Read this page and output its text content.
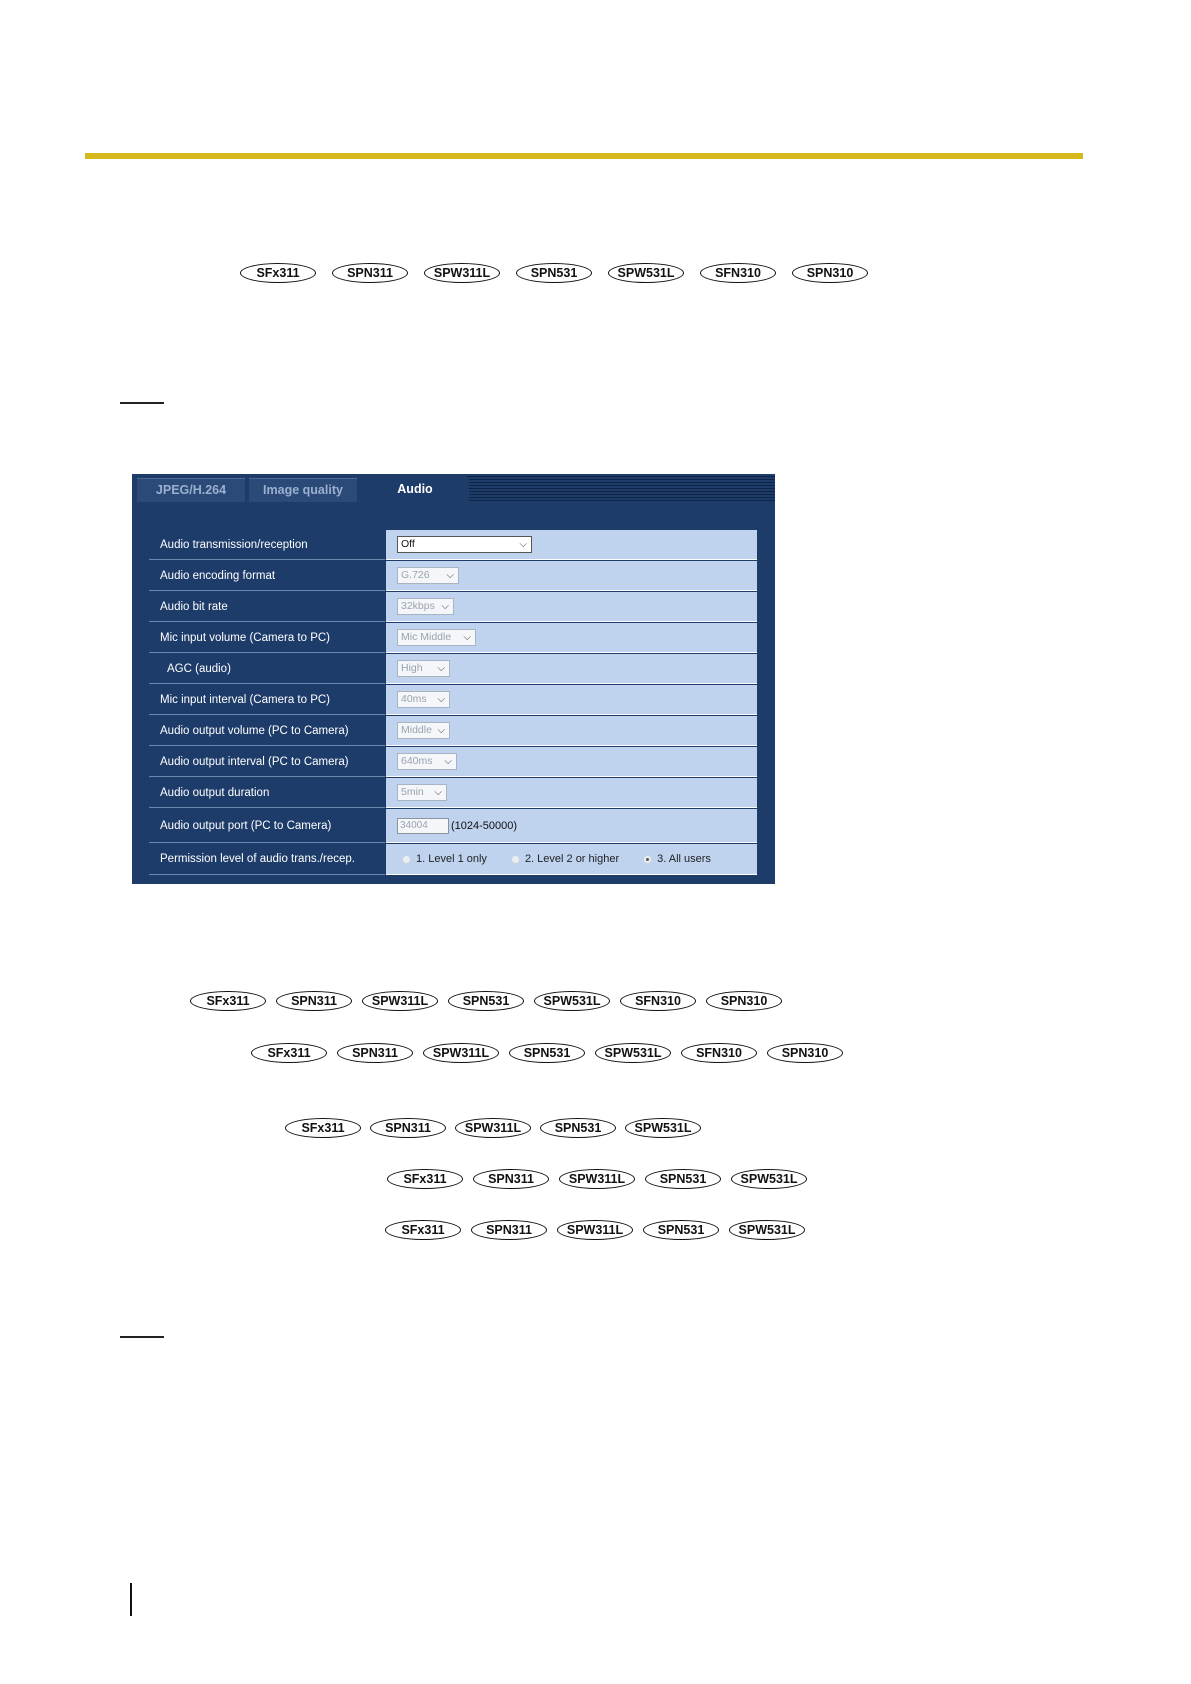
SFx311	SPN311	SPW311L	SPN531	SPW531L	SFN310	SPN310
JPEG/H.264	Image quality	Audio
Audio transmission/reception	Off	⌵
Audio encoding format	G.726 ⌵
Audio bit rate	32kbps ⌵
Mic input volume (Camera to PC)	Mic Middle ⌵
AGC (audio)	High ⌵
Mic input interval (Camera to PC)	40ms ⌵
Audio output volume (PC to Camera)	Middle ⌵
Audio output interval (PC to Camera)	640ms ⌵
Audio output duration	5min ⌵
Audio output port (PC to Camera)	34004	(1024-50000)
Permission level of audio trans./recep.	1. Level 1 only	2. Level 2 or higher	3. All users
SFx311	SPN311	SPW311L	SPN531	SPW531L	SFN310	SPN310
SFx311	SPN311	SPW311L	SPN531	SPW531L	SFN310	SPN310
SFx311	SPN311	SPW311L	SPN531	SPW531L
SFx311	SPN311	SPW311L	SPN531	SPW531L
SFx311	SPN311	SPW311L	SPN531	SPW531L
